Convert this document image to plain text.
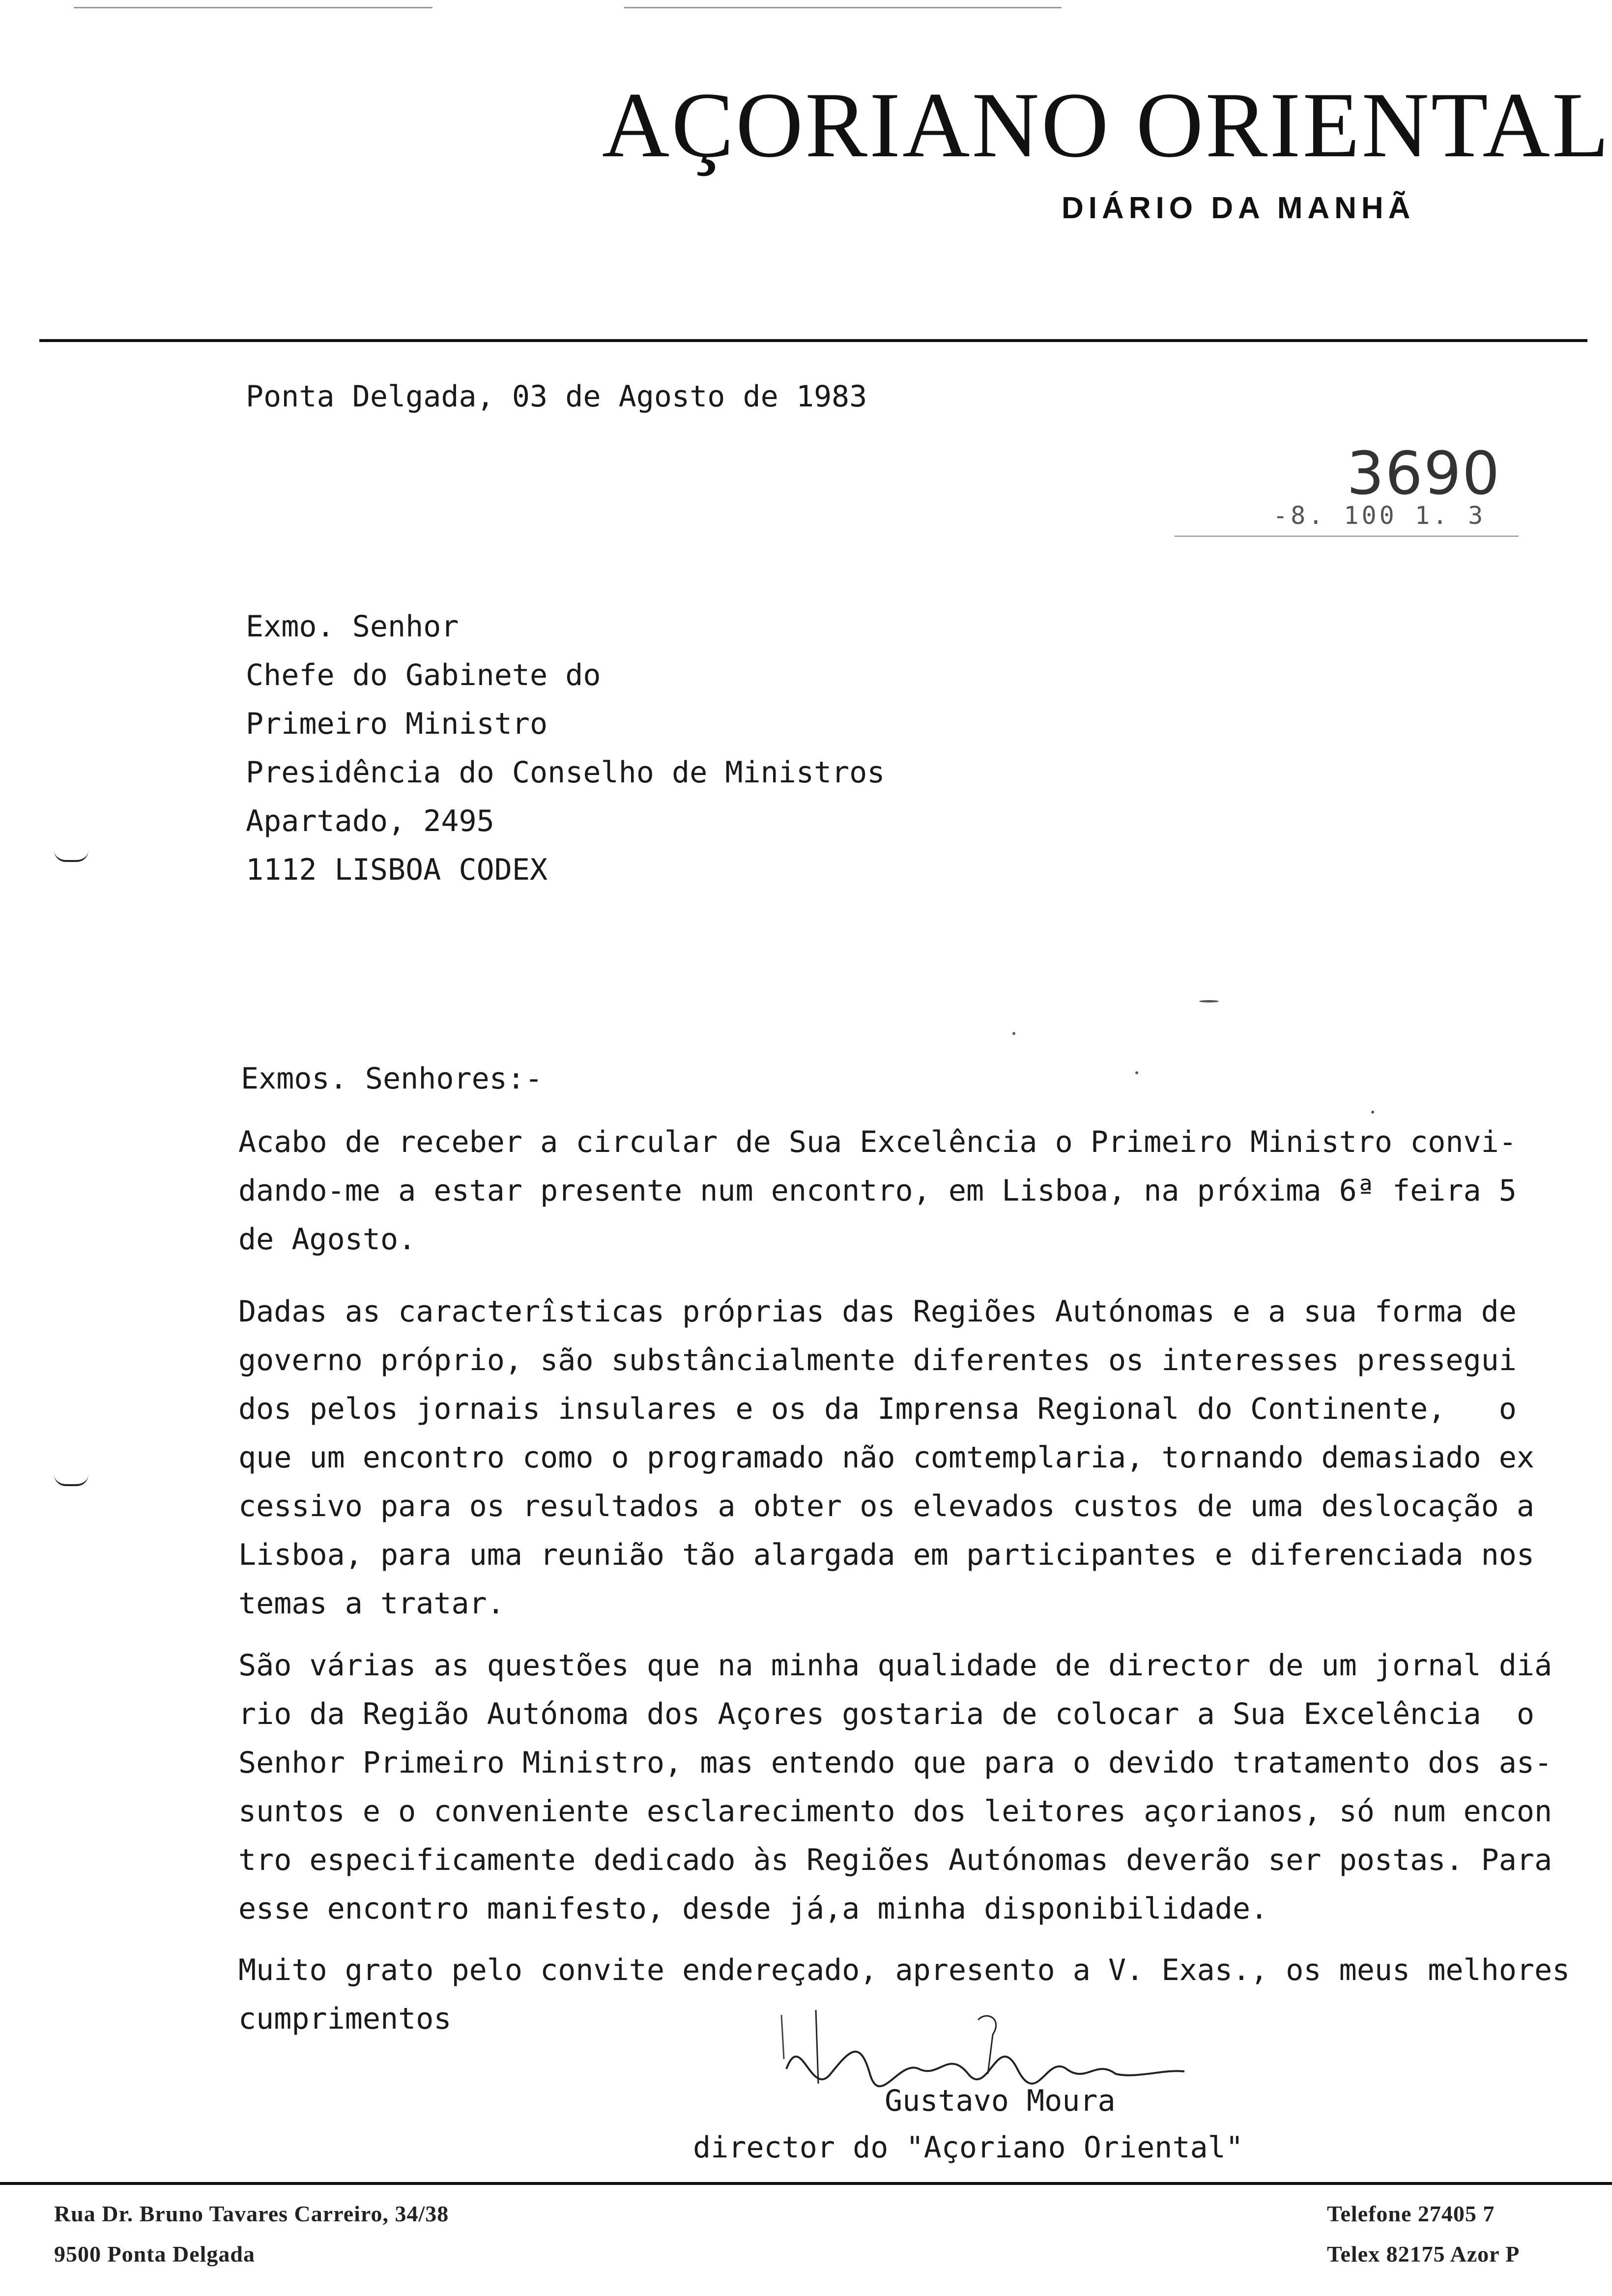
AÇORIANO ORIENTAL
DIÁRIO DA MANHÃ
Ponta Delgada, 03 de Agosto de 1983
3690
-8. 100 1. 3
Exmo. Senhor
Chefe do Gabinete do
Primeiro Ministro
Presidência do Conselho de Ministros
Apartado, 2495
1112 LISBOA CODEX
Exmos. Senhores:-
Acabo de receber a circular de Sua Excelência o Primeiro Ministro convi-
dando-me a estar presente num encontro, em Lisboa, na próxima 6ª feira 5
de Agosto.
Dadas as caracterîsticas próprias das Regiões Autónomas e a sua forma de
governo próprio, são substâncialmente diferentes os interesses pressegui
dos pelos jornais insulares e os da Imprensa Regional do Continente,   o
que um encontro como o programado não comtemplaria, tornando demasiado ex
cessivo para os resultados a obter os elevados custos de uma deslocação a
Lisboa, para uma reunião tão alargada em participantes e diferenciada nos
temas a tratar.
São várias as questões que na minha qualidade de director de um jornal diá
rio da Região Autónoma dos Açores gostaria de colocar a Sua Excelência  o
Senhor Primeiro Ministro, mas entendo que para o devido tratamento dos as-
suntos e o conveniente esclarecimento dos leitores açorianos, só num encon
tro especificamente dedicado às Regiões Autónomas deverão ser postas. Para
esse encontro manifesto, desde já,a minha disponibilidade.
Muito grato pelo convite endereçado, apresento a V. Exas., os meus melhores
cumprimentos
Gustavo Moura
director do "Açoriano Oriental"
Rua Dr. Bruno Tavares Carreiro, 34/38
9500 Ponta Delgada
Telefone 27405 7
Telex 82175 Azor P
